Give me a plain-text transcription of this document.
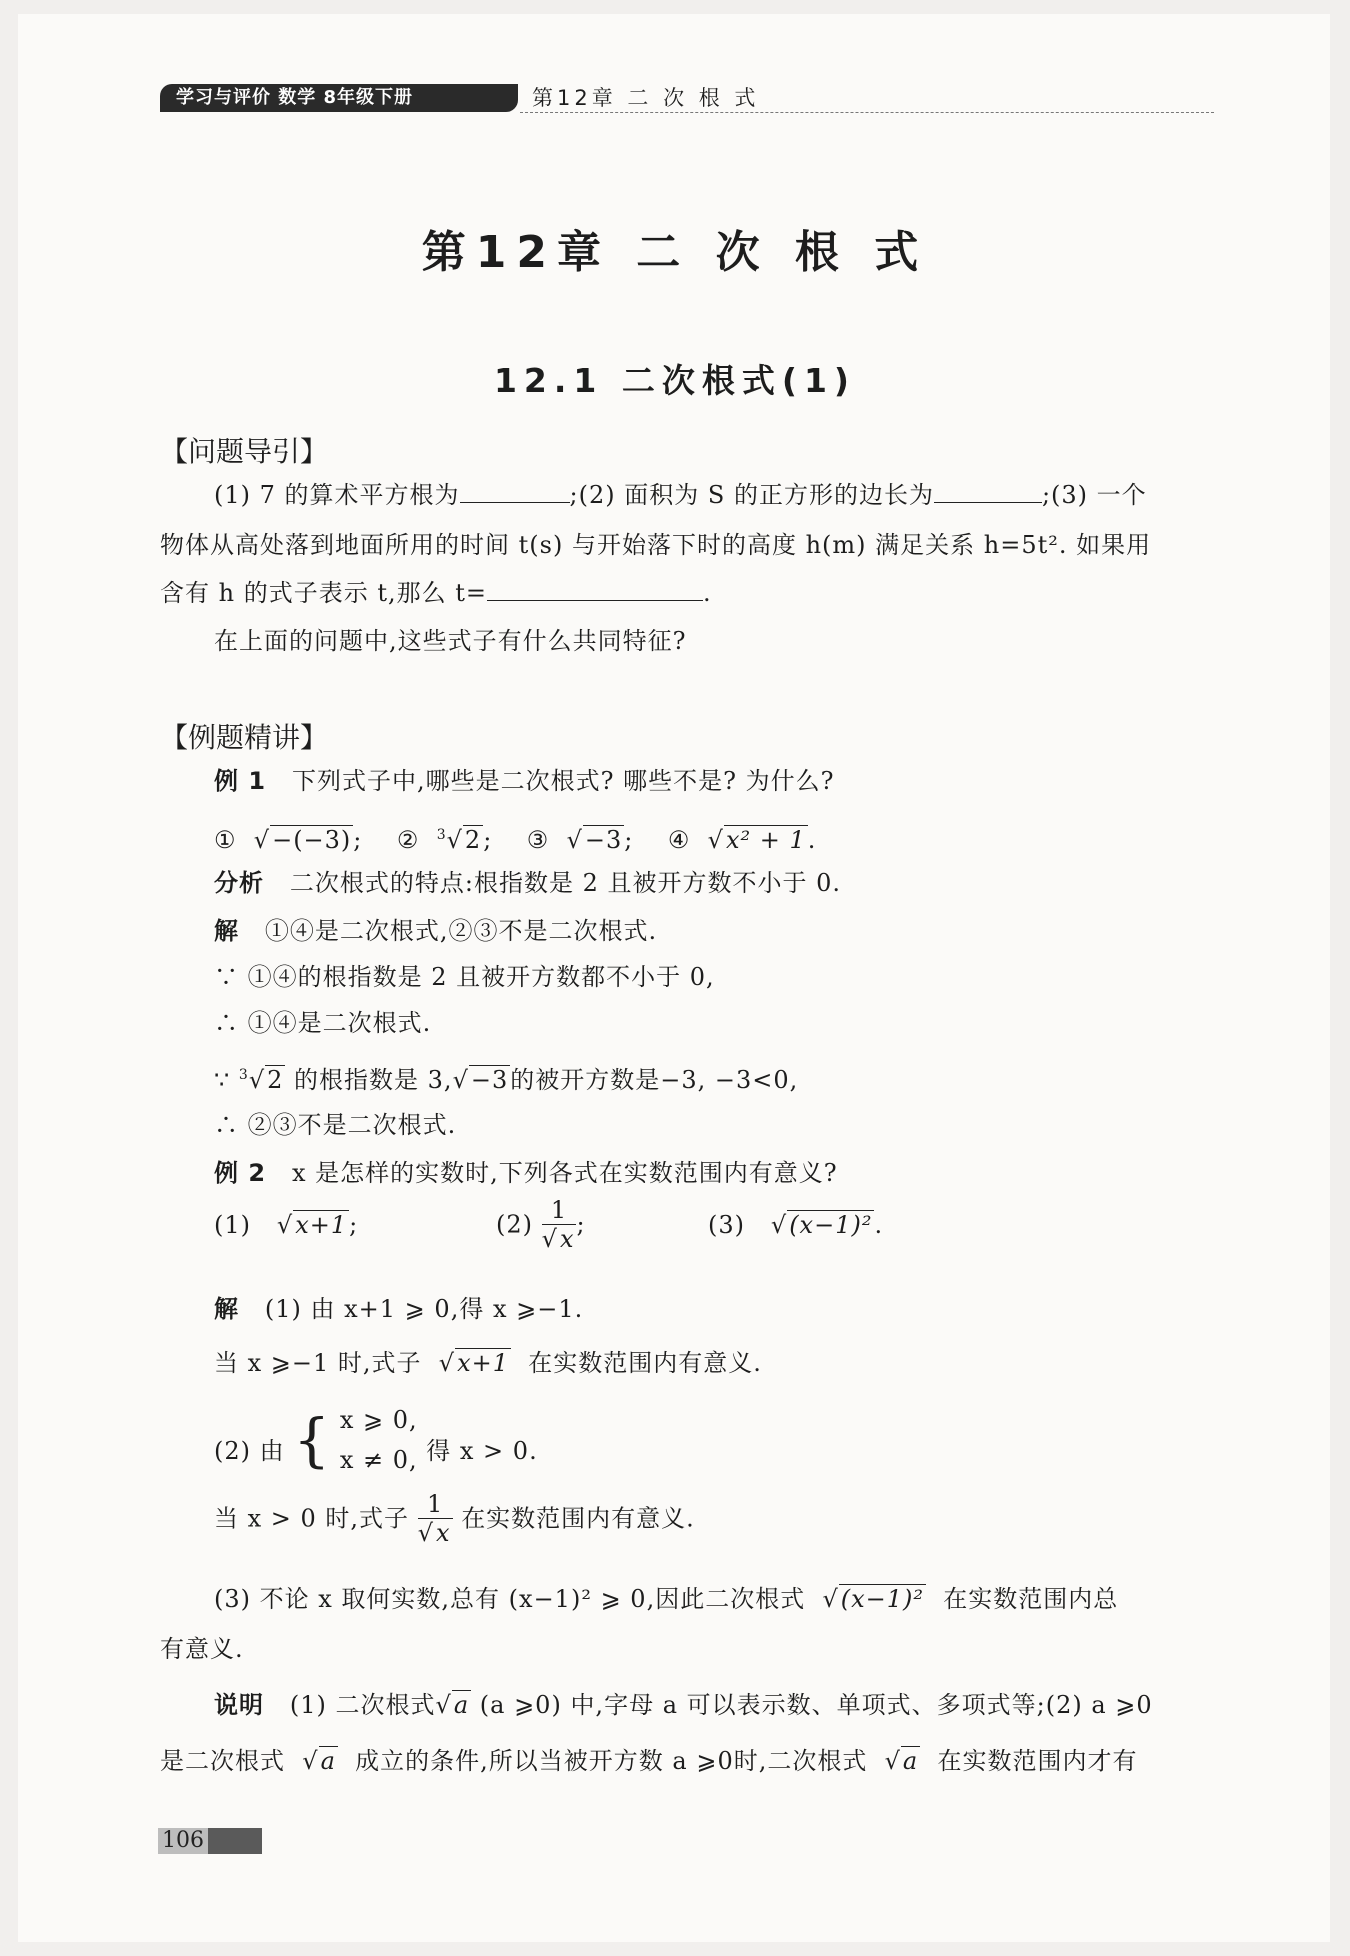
学习与评价 数学 8年级下册	第12章 二 次 根 式
第12章 二 次 根 式
12.1 二次根式(1)
【问题导引】
(1) 7 的算术平方根为	;(2) 面积为 S 的正方形的边长为	;(3) 一个
物体从高处落到地面所用的时间 t(s) 与开始落下时的高度 h(m) 满足关系 h=5t². 如果用
含有 h 的式子表示 t,那么 t=	.
在上面的问题中,这些式子有什么共同特征?
【例题精讲】
例 1 下列式子中,哪些是二次根式? 哪些不是? 为什么?
①  √−(−3); ② $^3$√2; ③  √−3; ④  √x² + 1.
分析 二次根式的特点:根指数是 2 且被开方数不小于 0.
解 ①④是二次根式,②③不是二次根式.
∵ ①④的根指数是 2 且被开方数都不小于 0,
∴ ①④是二次根式.
∵ $^3$√2 的根指数是 3,√−3的被开方数是−3, −3<0,
∴ ②③不是二次根式.
例 2 x 是怎样的实数时,下列各式在实数范围内有意义?
(1)   √x+1;	$(2) \frac{1}{√x}$ ;	(3)   √(x−1)².
解 (1) 由 x+1 ⩾ 0,得 x ⩾−1.
当 x ⩾−1 时,式子  √x+1 在实数范围内有意义.
(2) 由 { x ⩾ 0,
x ≠ 0, 得 x > 0.
当 x > 0 时,式子 $\frac{1}{√x}$ 在实数范围内有意义.
(3) 不论 x 取何实数,总有 (x−1)² ⩾ 0,因此二次根式  √(x−1)² 在实数范围内总
有意义.
说明 (1) 二次根式√a (a ⩾0) 中,字母 a 可以表示数、单项式、多项式等;(2) a ⩾0
是二次根式  √a 成立的条件,所以当被开方数 a ⩾0时,二次根式  √a 在实数范围内才有
106
